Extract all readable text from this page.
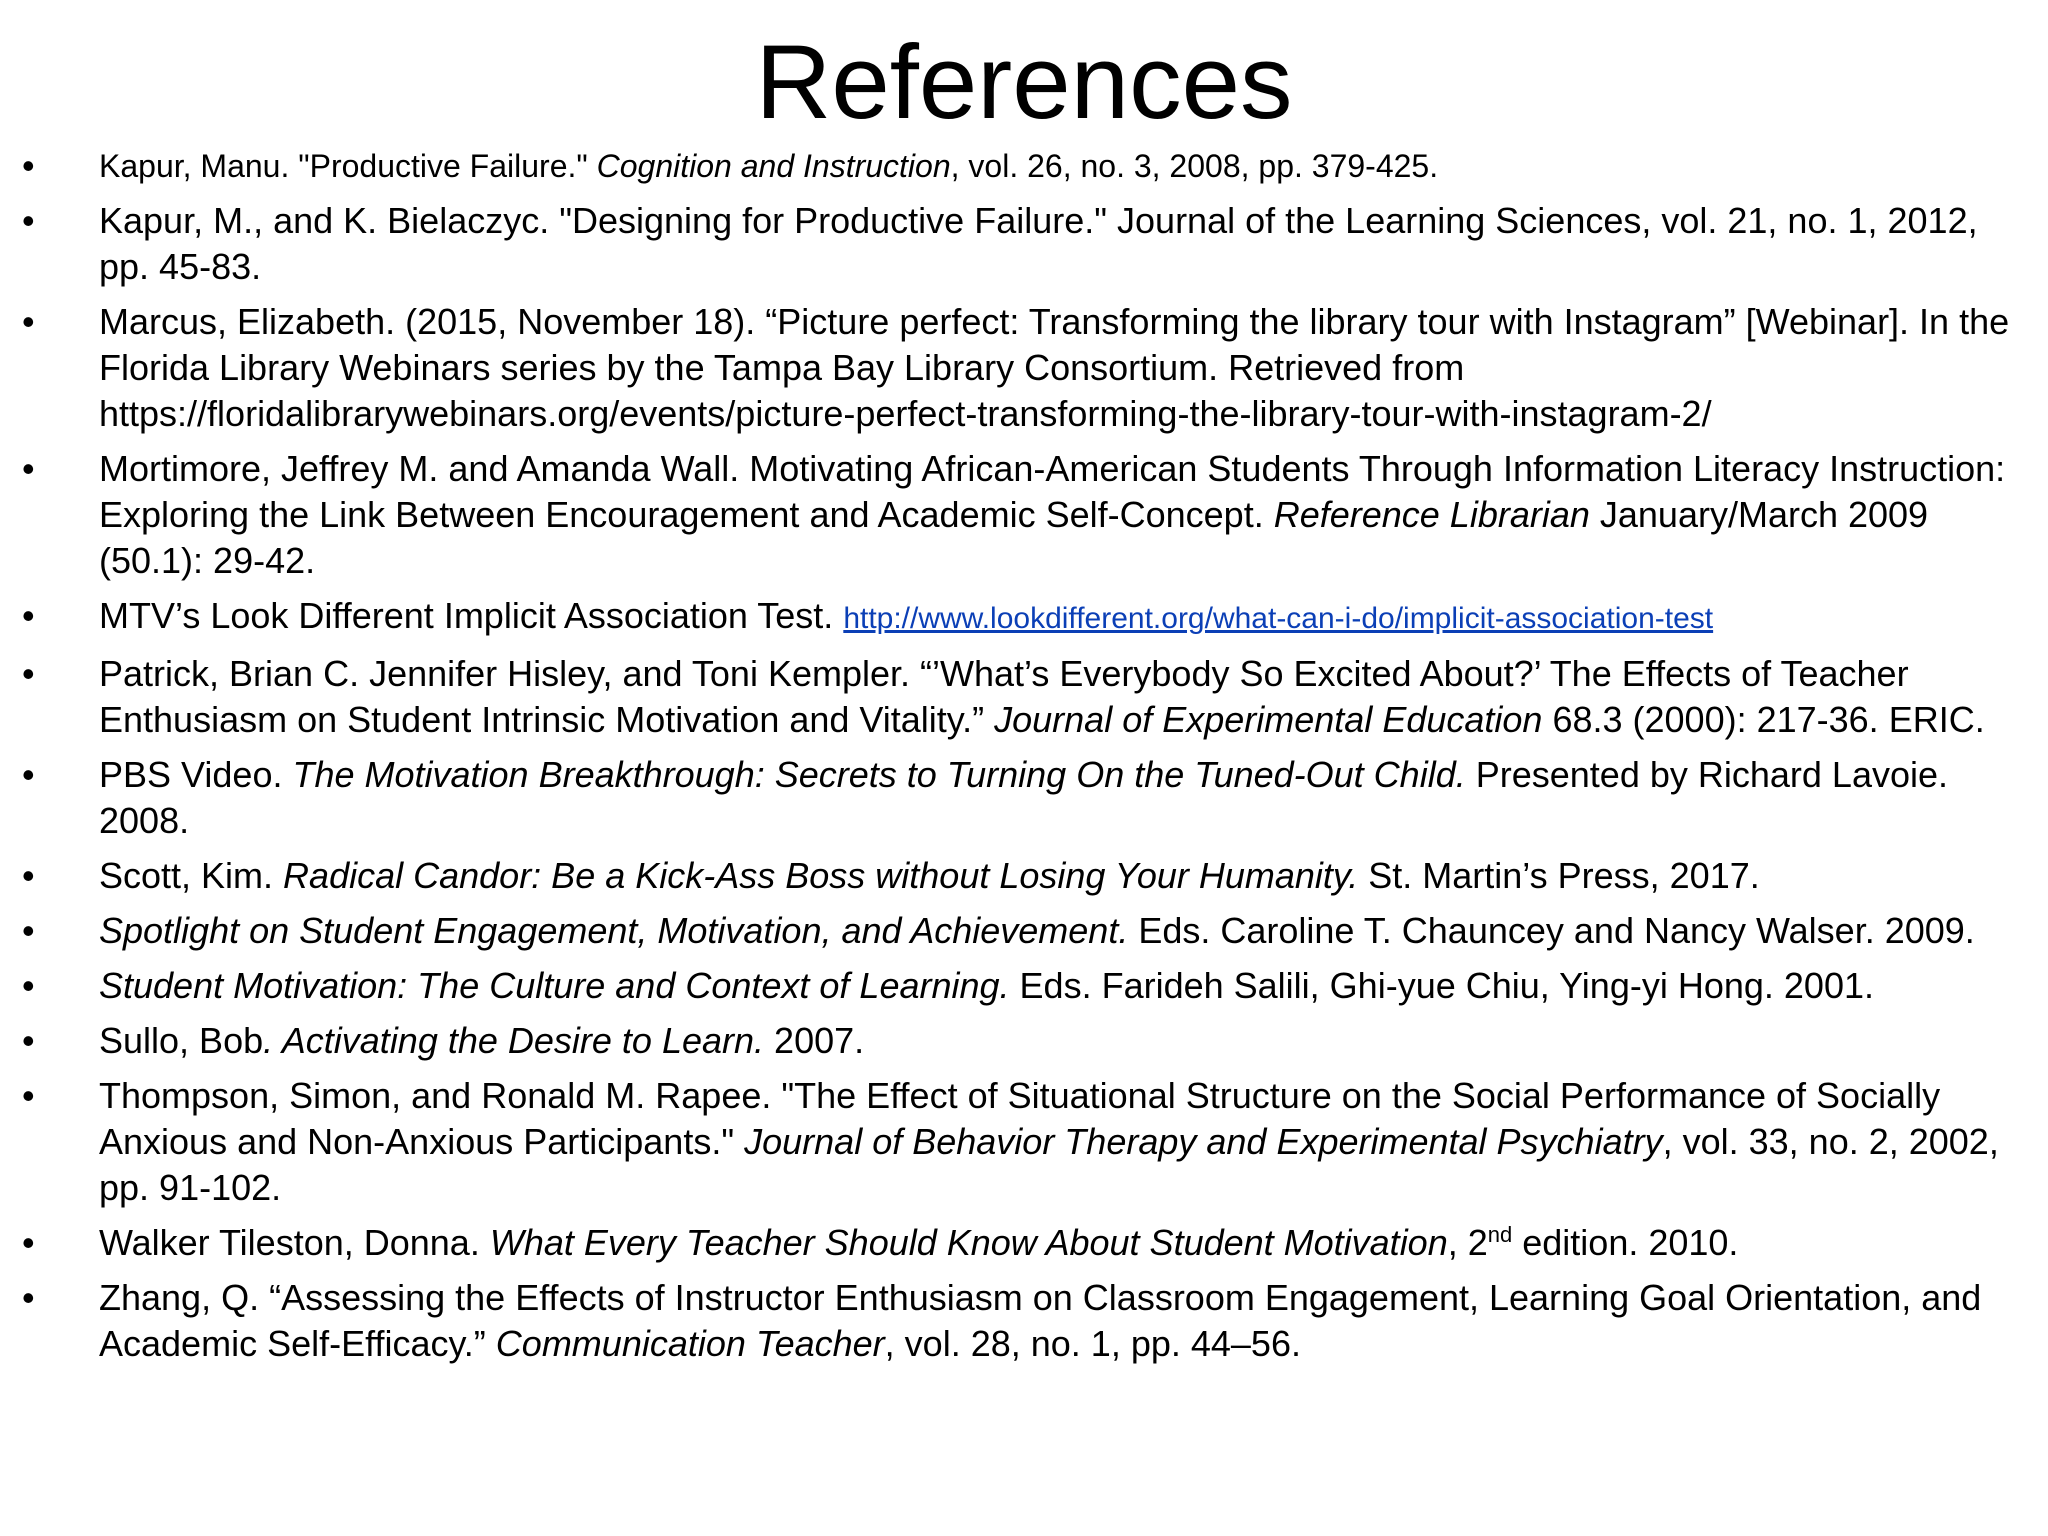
References
•	Kapur, Manu. "Productive Failure." Cognition and Instruction, vol. 26, no. 3, 2008, pp. 379-425.
•	Kapur, M., and K. Bielaczyc. "Designing for Productive Failure." Journal of the Learning Sciences, vol. 21, no. 1, 2012, pp. 45-83.
•	Marcus, Elizabeth. (2015, November 18). “Picture perfect: Transforming the library tour with Instagram” [Webinar]. In the Florida Library Webinars series by the Tampa Bay Library Consortium. Retrieved from https://floridalibrarywebinars.org/events/picture-perfect-transforming-the-library-tour-with-instagram-2/
•	Mortimore, Jeffrey M. and Amanda Wall. Motivating African-American Students Through Information Literacy Instruction: Exploring the Link Between Encouragement and Academic Self-Concept. Reference Librarian January/March 2009 (50.1): 29-42.
•	MTV’s Look Different Implicit Association Test. http://www.lookdifferent.org/what-can-i-do/implicit-association-test
•	Patrick, Brian C. Jennifer Hisley, and Toni Kempler. “’What’s Everybody So Excited About?’ The Effects of Teacher Enthusiasm on Student Intrinsic Motivation and Vitality.” Journal of Experimental Education 68.3 (2000): 217-36. ERIC.
•	PBS Video. The Motivation Breakthrough: Secrets to Turning On the Tuned-Out Child. Presented by Richard Lavoie. 2008.
•	Scott, Kim. Radical Candor: Be a Kick-Ass Boss without Losing Your Humanity. St. Martin’s Press, 2017.
•	Spotlight on Student Engagement, Motivation, and Achievement. Eds. Caroline T. Chauncey and Nancy Walser. 2009.
•	Student Motivation: The Culture and Context of Learning. Eds. Farideh Salili, Ghi-yue Chiu, Ying-yi Hong. 2001.
•	Sullo, Bob. Activating the Desire to Learn. 2007.
•	Thompson, Simon, and Ronald M. Rapee. "The Effect of Situational Structure on the Social Performance of Socially Anxious and Non-Anxious Participants." Journal of Behavior Therapy and Experimental Psychiatry, vol. 33, no. 2, 2002, pp. 91-102.
•	Walker Tileston, Donna. What Every Teacher Should Know About Student Motivation, 2nd edition. 2010.
•	Zhang, Q. “Assessing the Effects of Instructor Enthusiasm on Classroom Engagement, Learning Goal Orientation, and Academic Self-Efficacy.” Communication Teacher, vol. 28, no. 1, pp. 44–56.
